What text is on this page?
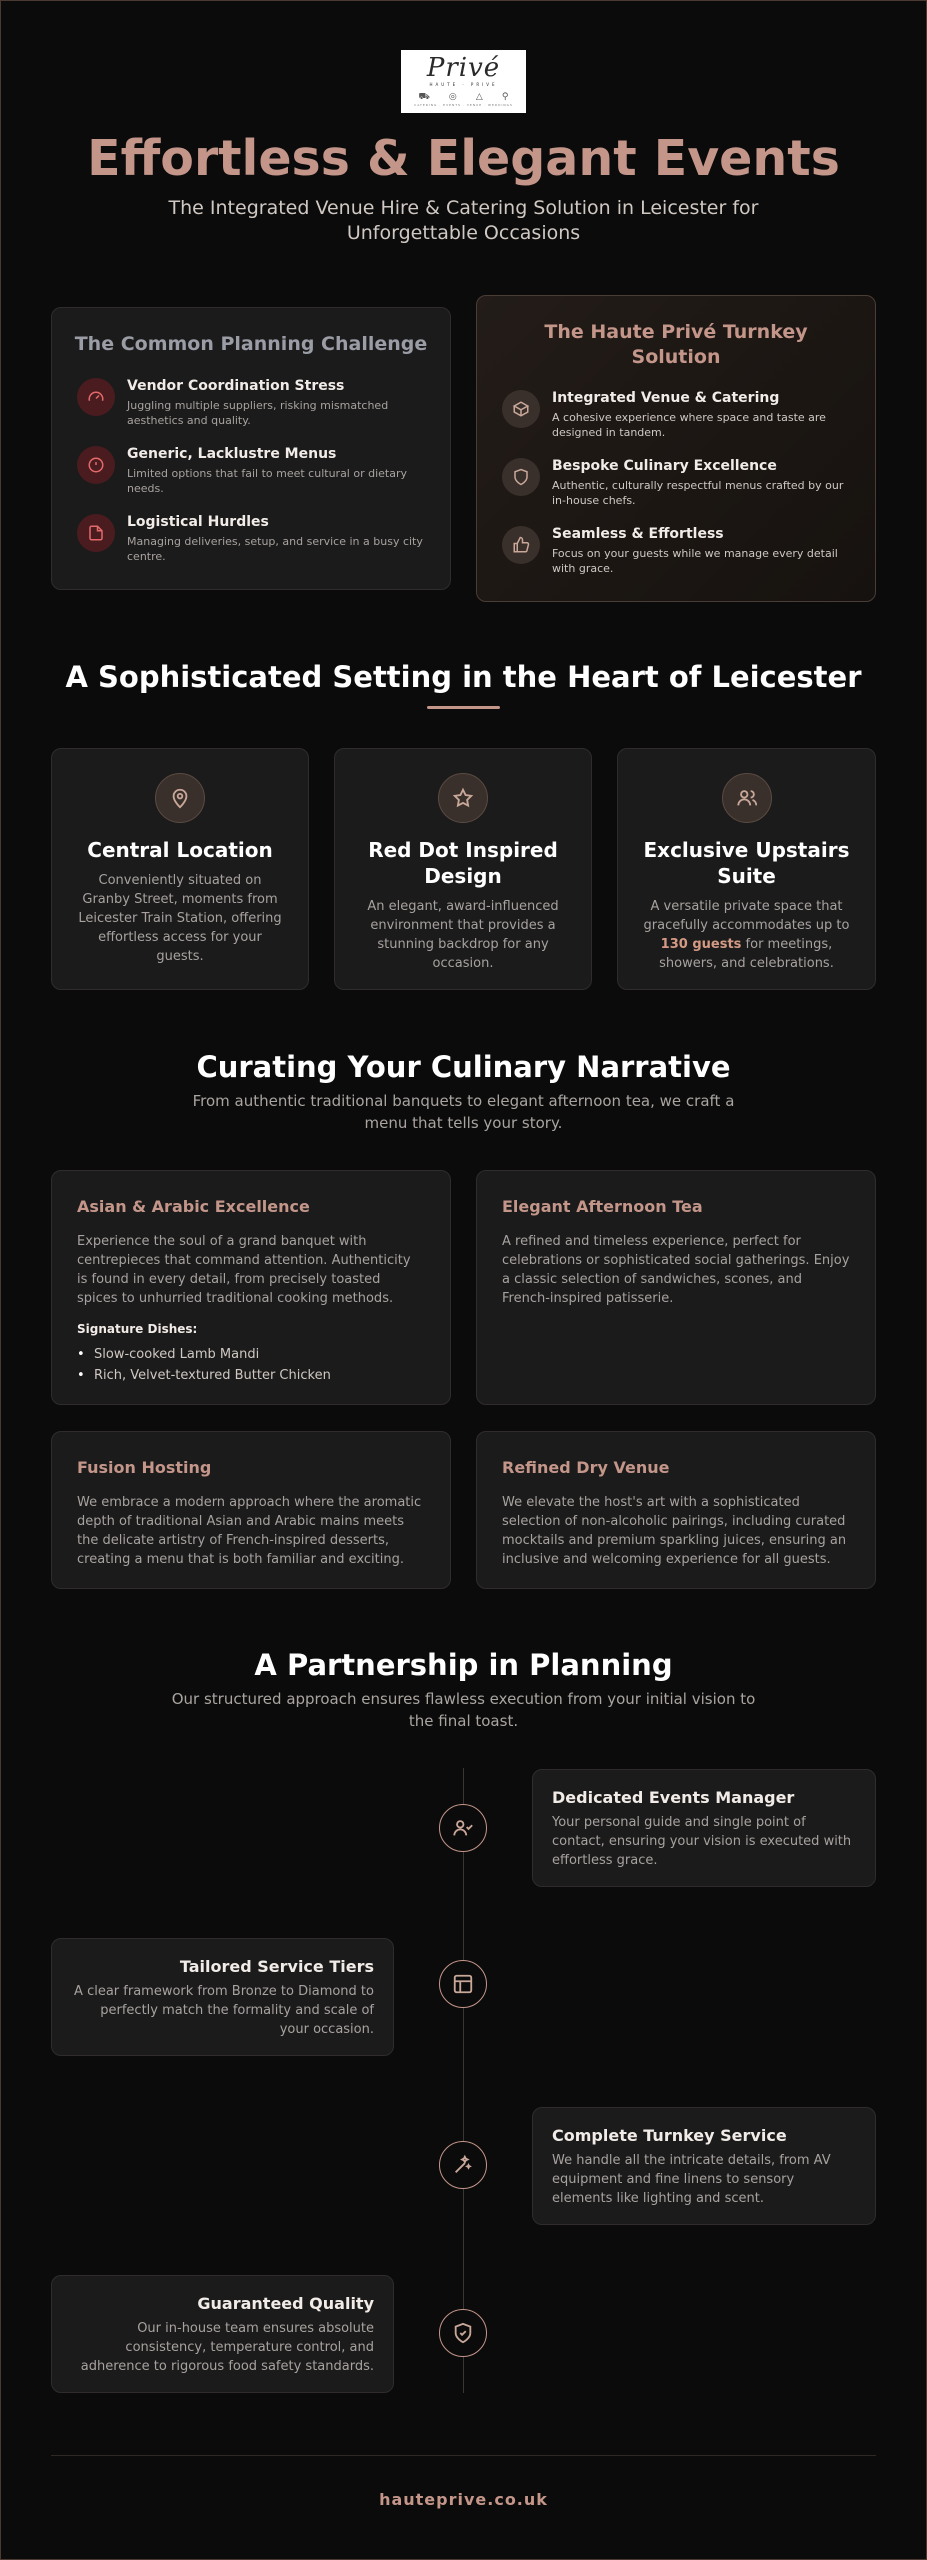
Privé
HAUTE · PRIVE
⛟ ◎ △ ⚲
CATERING · EVENTS · VENUE · WEDDINGS
Effortless & Elegant Events

The Integrated Venue Hire & Catering Solution in Leicester for Unforgettable Occasions

The Common Planning Challenge
Vendor Coordination Stress

Juggling multiple suppliers, risking mismatched aesthetics and quality.

Generic, Lacklustre Menus

Limited options that fail to meet cultural or dietary needs.

Logistical Hurdles

Managing deliveries, setup, and service in a busy city centre.

The Haute Privé Turnkey Solution
Integrated Venue & Catering

A cohesive experience where space and taste are designed in tandem.

Bespoke Culinary Excellence

Authentic, culturally respectful menus crafted by our in-house chefs.

Seamless & Effortless

Focus on your guests while we manage every detail with grace.

A Sophisticated Setting in the Heart of Leicester
Central Location

Conveniently situated on Granby Street, moments from Leicester Train Station, offering effortless access for your guests.

Red Dot Inspired Design

An elegant, award-influenced environment that provides a stunning backdrop for any occasion.

Exclusive Upstairs Suite

A versatile private space that gracefully accommodates up to 130 guests for meetings, showers, and celebrations.

Curating Your Culinary Narrative

From authentic traditional banquets to elegant afternoon tea, we craft a menu that tells your story.

Asian & Arabic Excellence

Experience the soul of a grand banquet with centrepieces that command attention. Authenticity is found in every detail, from precisely toasted spices to unhurried traditional cooking methods.

Signature Dishes:
• Slow-cooked Lamb Mandi
• Rich, Velvet-textured Butter Chicken
Elegant Afternoon Tea

A refined and timeless experience, perfect for celebrations or sophisticated social gatherings. Enjoy a classic selection of sandwiches, scones, and French-inspired patisserie.

Fusion Hosting

We embrace a modern approach where the aromatic depth of traditional Asian and Arabic mains meets the delicate artistry of French-inspired desserts, creating a menu that is both familiar and exciting.

Refined Dry Venue

We elevate the host's art with a sophisticated selection of non-alcoholic pairings, including curated mocktails and premium sparkling juices, ensuring an inclusive and welcoming experience for all guests.

A Partnership in Planning

Our structured approach ensures flawless execution from your initial vision to the final toast.

Dedicated Events Manager

Your personal guide and single point of contact, ensuring your vision is executed with effortless grace.

Tailored Service Tiers

A clear framework from Bronze to Diamond to perfectly match the formality and scale of your occasion.

Complete Turnkey Service

We handle all the intricate details, from AV equipment and fine linens to sensory elements like lighting and scent.

Guaranteed Quality

Our in-house team ensures absolute consistency, temperature control, and adherence to rigorous food safety standards.

hauteprive.co.uk
